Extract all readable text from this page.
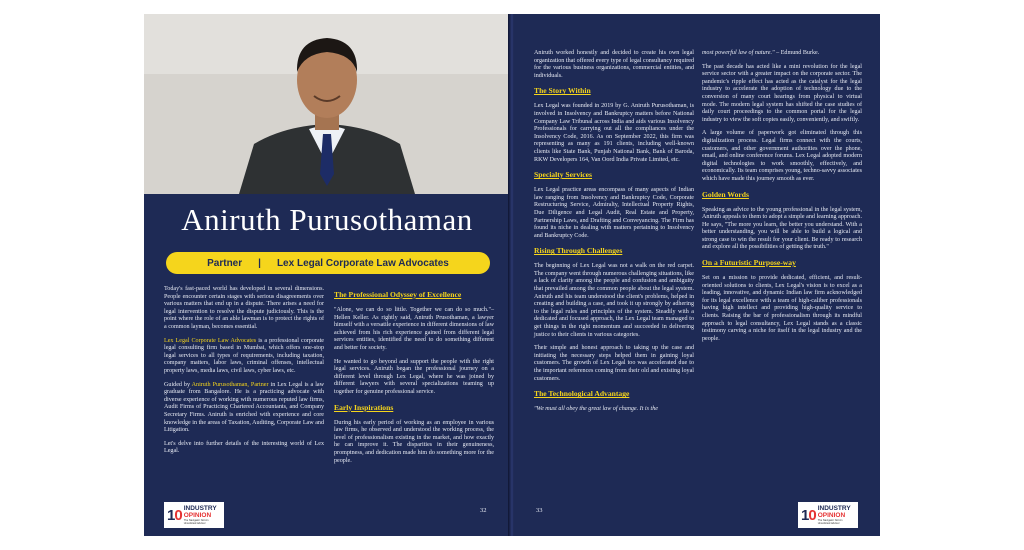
Aniruth Purusothaman
Partner | Lex Legal Corporate Law Advocates

Today's fast-paced world has developed in several dimensions. People encounter certain stages with serious disagreements over various matters that end up in a dispute. There arises a need for legal intervention to resolve the dispute judiciously. This is the point where the role of an able lawman is to protect the rights of a common layman, becomes essential.

Lex Legal Corporate Law Advocates is a professional corporate legal consulting firm based in Mumbai, which offers one-stop legal services to all types of requirements, including taxation, company matters, labor laws, criminal offenses, intellectual property laws, media laws, civil laws, cyber laws, etc.

Guided by Aniruth Purusothaman, Partner in Lex Legal is a law graduate from Bangalore. He is a practicing advocate with diverse experience of working with numerous reputed law firms, Audit Firms of Practicing Chartered Accountants, and Company Secretary Firms. Aniruth is enriched with experience and core knowledge in the areas of Taxation, Auditing, Corporate Law and Litigation.

Let's delve into further details of the interesting world of Lex Legal.

The Professional Odyssey of Excellence

"Alone, we can do so little. Together we can do so much."– Hellen Keller. As rightly said, Aniruth Prusothaman, a lawyer himself with a versatile experience in different dimensions of law achieved from his rich experience gained from different legal services entities, identified the need to do something different and better for society.

He wanted to go beyond and support the people with the right legal services. Aniruth began the professional journey on a different level through Lex Legal, where he was joined by different lawyers with several specializations teaming up together for genuine professional service.

Early Inspirations

During his early period of working as an employee in various law firms, he observed and understood the working process, the level of professionalism existing in the market, and how exactly he can improve it. The disparities in their genuineness, promptness, and dedication made him do something more for the people.

32
10 INDUSTRY
OPINION
The Navigator Not An Unsolicited Advisor

Aniruth worked honestly and decided to create his own legal organization that offered every type of legal consultancy required for the various business organizations, commercial entities, and individuals.

The Story Within

Lex Legal was founded in 2019 by G. Aniruth Purusothaman, is involved in Insolvency and Bankruptcy matters before National Company Law Tribunal across India and aids various Insolvency Professionals for carrying out all the compliances under the Insolvency Code, 2016. As on September 2022, this firm was representing as many as 191 clients, including well-known clients like State Bank, Punjab National Bank, Bank of Baroda, RKW Developers 164, Van Oord India Private Limited, etc.

Specialty Services

Lex Legal practice areas encompass of many aspects of Indian law ranging from Insolvency and Bankruptcy Code, Corporate Restructuring Service, Admiralty, Intellectual Property Rights, Due Diligence and Legal Audit, Real Estate and Property, Partnership Laws, and Drafting and Conveyancing. The Firm has found its niche in dealing with matters pertaining to Insolvency and Bankruptcy Code.

Rising Through Challenges

The beginning of Lex Legal was not a walk on the red carpet. The company went through numerous challenging situations, like a lack of clarity among the people and confusion and ambiguity that prevailed among the common people about the legal system. Aniruth and his team understood the client's problems, helped in creating and building a case, and took it up strongly by adhering to the legal rules and principles of the system. Steadily with a dedicated and focused approach, the Lex Legal team managed to get things in the right momentum and succeeded in delivering justice to their clients in various categories.

Their simple and honest approach to taking up the case and initiating the necessary steps helped them in gaining loyal customers. The growth of Lex Legal too was accelerated due to the important references coming from their old and existing loyal customers.

The Technological Advantage

"We must all obey the great law of change. It is the

most powerful law of nature." – Edmund Burke.

The past decade has acted like a mini revolution for the legal service sector with a greater impact on the corporate sector. The pandemic's ripple effect has acted as the catalyst for the legal industry to accelerate the adoption of technology due to the conversion of many court hearings from physical to virtual mode. The modern legal system has shifted the case studies of daily court proceedings to the common portal for the legal industry to view the soft copies easily, conveniently, and swiftly.

A large volume of paperwork got eliminated through this digitalization process. Legal firms connect with the courts, customers, and other government authorities over the phone, email, and online conference forums. Lex Legal adopted modern digital technologies to work smoothly, effectively, and economically. Its team comprises young, techno-savvy associates which have made this journey smooth as ever.

Golden Words

Speaking as advice to the young professional in the legal system, Aniruth appeals to them to adopt a simple and learning approach. He says, "The more you learn, the better you understand. With a better understanding, you will be able to build a logical and strong case to win the result for your client. Be ready to research and explore all the possibilities of getting the truth."

On a Futuristic Purpose-way

Set on a mission to provide dedicated, efficient, and result-oriented solutions to clients, Lex Legal's vision is to excel as a leading, innovative, and dynamic Indian law firm acknowledged for its legal excellence with a team of high-caliber professionals having high intellect and providing high-quality service to clients. Raising the bar of professionalism through its mindful approach to legal consultancy, Lex Legal stands as a classic testimony carving a niche for itself in the legal industry and the people.

33	10 INDUSTRY
OPINION
The Navigator Not An Unsolicited Advisor
